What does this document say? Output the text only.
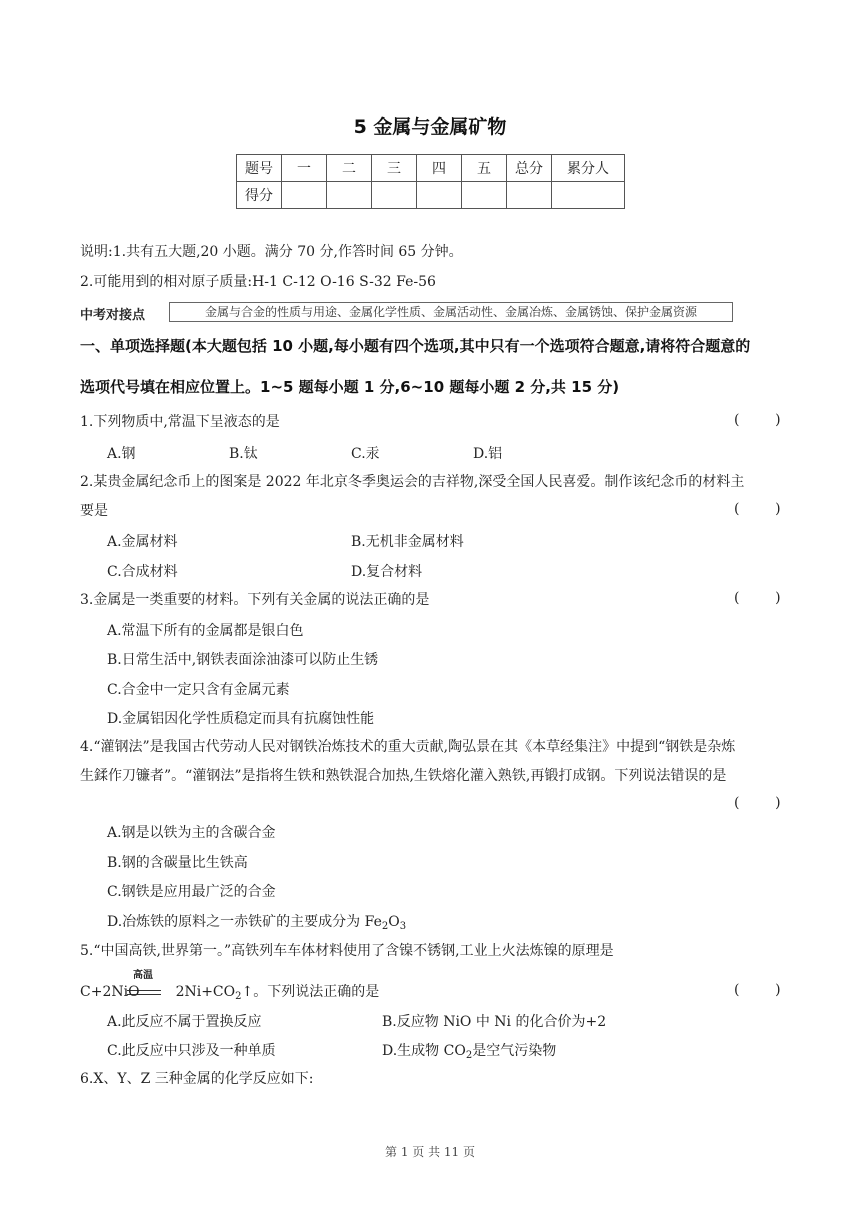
5 金属与金属矿物
题号	一	二	三	四	五	总分	累分人
得分							
说明:1.共有五大题,20 小题。满分 70 分,作答时间 65 分钟。
2.可能用到的相对原子质量:H-1 C-12 O-16 S-32 Fe-56
中考对接点	金属与合金的性质与用途、金属化学性质、金属活动性、金属冶炼、金属锈蚀、保护金属资源
一、单项选择题(本大题包括 10 小题,每小题有四个选项,其中只有一个选项符合题意,请将符合题意的
选项代号填在相应位置上。1~5 题每小题 1 分,6~10 题每小题 2 分,共 15 分)
1.下列物质中,常温下呈液态的是	(        )
A.钢	B.钛	C.汞	D.铝
2.某贵金属纪念币上的图案是 2022 年北京冬季奥运会的吉祥物,深受全国人民喜爱。制作该纪念币的材料主
要是	(        )
A.金属材料	B.无机非金属材料
C.合成材料	D.复合材料
3.金属是一类重要的材料。下列有关金属的说法正确的是	(        )
A.常温下所有的金属都是银白色
B.日常生活中,钢铁表面涂油漆可以防止生锈
C.合金中一定只含有金属元素
D.金属铝因化学性质稳定而具有抗腐蚀性能
4.“灌钢法”是我国古代劳动人民对钢铁冶炼技术的重大贡献,陶弘景在其《本草经集注》中提到“钢铁是杂炼
生鍒作刀镰者”。“灌钢法”是指将生铁和熟铁混合加热,生铁熔化灌入熟铁,再锻打成钢。下列说法错误的是
(        )
A.钢是以铁为主的含碳合金
B.钢的含碳量比生铁高
C.钢铁是应用最广泛的合金
D.冶炼铁的原料之一赤铁矿的主要成分为 $Fe_2O_3$
5.“中国高铁,世界第一。”高铁列车车体材料使用了含镍不锈钢,工业上火法炼镍的原理是
高温
C+2NiO	$2Ni+CO_2↑$。下列说法正确的是	(        )
A.此反应不属于置换反应	B.反应物 NiO 中 Ni 的化合价为+2
C.此反应中只涉及一种单质	D.生成物 $CO_2$是空气污染物
6.X、Y、Z 三种金属的化学反应如下:
第 1 页 共 11 页
